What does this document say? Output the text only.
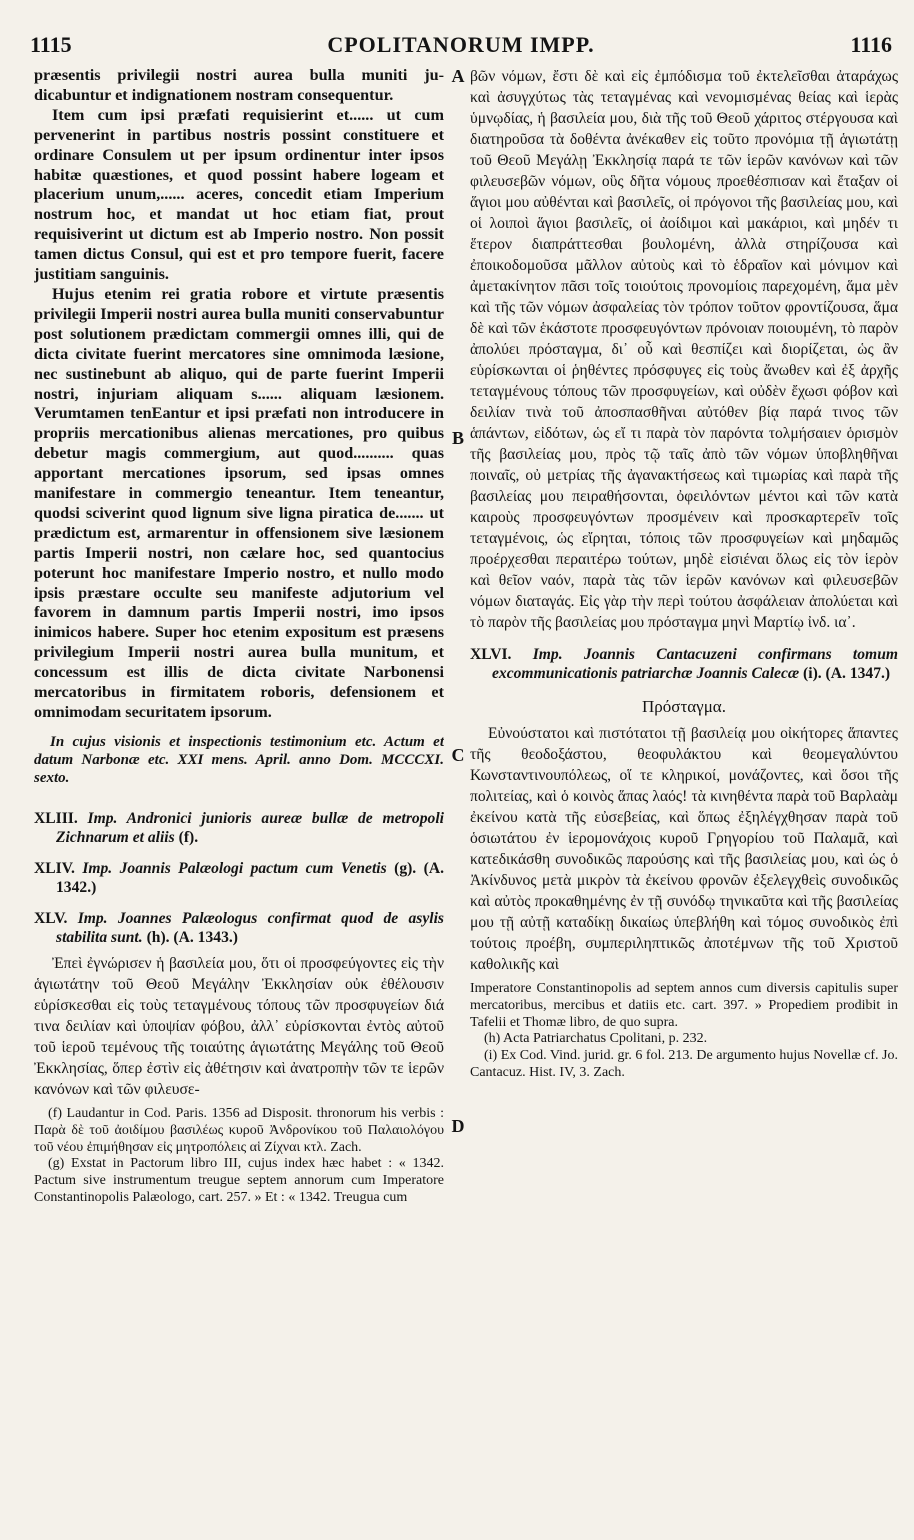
1115	CPOLITANORUM IMPP.	1116
A
B
C
D

præsentis privilegii nostri aurea bulla muniti ju-dicabuntur et indignationem nostram consequentur.

Item cum ipsi præfati requisierint et...... ut cum pervenerint in partibus nostris possint constituere et ordinare Consulem ut per ipsum ordinentur inter ipsos habitæ quæstiones, et quod possint habere logeam et placerium unum,...... aceres, concedit etiam Imperium nostrum hoc, et mandat ut hoc etiam fiat, prout requisiverint ut dictum est ab Imperio nostro. Non possit tamen dictus Consul, qui est et pro tempore fuerit, facere justitiam sanguinis.

Hujus etenim rei gratia robore et virtute præsentis privilegii Imperii nostri aurea bulla muniti conservabuntur post solutionem prædictam commergii omnes illi, qui de dicta civitate fuerint mercatores sine omnimoda læsione, nec sustinebunt ab aliquo, qui de parte fuerint Imperii nostri, injuriam aliquam s...... aliquam læsionem. Verumtamen tenEantur et ipsi præfati non introducere in propriis mercationibus alienas mercationes, pro quibus debetur magis commergium, aut quod.......... quas apportant mercationes ipsorum, sed ipsas omnes manifestare in commergio teneantur. Item teneantur, quodsi sciverint quod lignum sive ligna piratica de....... ut prædictum est, armarentur in offensionem sive læsionem partis Imperii nostri, non cælare hoc, sed quantocius poterunt hoc manifestare Imperio nostro, et nullo modo ipsis præstare occulte seu manifeste adjutorium vel favorem in damnum partis Imperii nostri, imo ipsos inimicos habere. Super hoc etenim expositum est præsens privilegium Imperii nostri aurea bulla munitum, et concessum est illis de dicta civitate Narbonensi mercatoribus in firmitatem roboris, defensionem et omnimodam securitatem ipsorum.

In cujus visionis et inspectionis testimonium etc. Actum et datum Narbonæ etc. XXI mens. April. anno Dom. MCCCXI. sexto.

XLIII. Imp. Andronici junioris aureæ bullæ de metropoli Zichnarum et aliis (f).

XLIV. Imp. Joannis Palæologi pactum cum Venetis (g). (A. 1342.)

XLV. Imp. Joannes Palæologus confirmat quod de asylis stabilita sunt. (h). (A. 1343.)

Ἐπεὶ ἐγνώρισεν ἡ βασιλεία μου, ὅτι οἱ προσφεύγοντες εἰς τὴν ἁγιωτάτην τοῦ Θεοῦ Μεγάλην Ἐκκλησίαν οὐκ ἐθέλουσιν εὑρίσκεσθαι εἰς τοὺς τεταγμένους τόπους τῶν προσφυγείων διά τινα δειλίαν καὶ ὑποψίαν φόβου, ἀλλ᾽ εὑρίσκονται ἐντὸς αὐτοῦ τοῦ ἱεροῦ τεμένους τῆς τοιαύτης ἁγιωτάτης Μεγάλης τοῦ Θεοῦ Ἐκκλησίας, ὅπερ ἐστὶν εἰς ἀθέτησιν καὶ ἀνατροπὴν τῶν τε ἱερῶν κανόνων καὶ τῶν φιλευσε-

(f) Laudantur in Cod. Paris. 1356 ad Disposit. thronorum his verbis : Παρὰ δὲ τοῦ ἀοιδίμου βασιλέως κυροῦ Ἀνδρονίκου τοῦ Παλαιολόγου τοῦ νέου ἐπιμήθησαν εἰς μητροπόλεις αἱ Ζίχναι κτλ. Zach.

(g) Exstat in Pactorum libro III, cujus index hæc habet : « 1342. Pactum sive instrumentum treugue septem annorum cum Imperatore Constantinopolis Palæologo, cart. 257. » Et : « 1342. Treugua cum

βῶν νόμων, ἔστι δὲ καὶ εἰς ἐμπόδισμα τοῦ ἐκτελεῖσθαι ἀταράχως καὶ ἀσυγχύτως τὰς τεταγμένας καὶ νενομισμένας θείας καὶ ἱερὰς ὑμνῳδίας, ἡ βασιλεία μου, διὰ τῆς τοῦ Θεοῦ χάριτος στέργουσα καὶ διατηροῦσα τὰ δοθέντα ἀνέκαθεν εἰς τοῦτο προνόμια τῇ ἁγιωτάτῃ τοῦ Θεοῦ Μεγάλῃ Ἐκκλησίᾳ παρά τε τῶν ἱερῶν κανόνων καὶ τῶν φιλευσεβῶν νόμων, οὓς δῆτα νόμους προεθέσπισαν καὶ ἔταξαν οἱ ἅγιοι μου αὐθένται καὶ βασιλεῖς, οἱ πρόγονοι τῆς βασιλείας μου, καὶ οἱ λοιποὶ ἅγιοι βασιλεῖς, οἱ ἀοίδιμοι καὶ μακάριοι, καὶ μηδέν τι ἕτερον διαπράττεσθαι βουλομένη, ἀλλὰ στηρίζουσα καὶ ἐποικοδομοῦσα μᾶλλον αὐτοὺς καὶ τὸ ἑδραῖον καὶ μόνιμον καὶ ἀμετακίνητον πᾶσι τοῖς τοιούτοις προνομίοις παρεχομένη, ἅμα μὲν καὶ τῆς τῶν νόμων ἀσφαλείας τὸν τρόπον τοῦτον φροντίζουσα, ἅμα δὲ καὶ τῶν ἑκάστοτε προσφευγόντων πρόνοιαν ποιουμένη, τὸ παρὸν ἀπολύει πρόσταγμα, δι᾽ οὗ καὶ θεσπίζει καὶ διορίζεται, ὡς ἂν εὑρίσκωνται οἱ ῥηθέντες πρόσφυγες εἰς τοὺς ἄνωθεν καὶ ἐξ ἀρχῆς τεταγμένους τόπους τῶν προσφυγείων, καὶ οὐδὲν ἔχωσι φόβον καὶ δειλίαν τινὰ τοῦ ἀποσπασθῆναι αὐτόθεν βίᾳ παρά τινος τῶν ἁπάντων, εἰδότων, ὡς εἴ τι παρὰ τὸν παρόντα τολμήσαιεν ὁρισμὸν τῆς βασιλείας μου, πρὸς τῷ ταῖς ἀπὸ τῶν νόμων ὑποβληθῆναι ποιναῖς, οὐ μετρίας τῆς ἀγανακτήσεως καὶ τιμωρίας καὶ παρὰ τῆς βασιλείας μου πειραθήσονται, ὀφειλόντων μέντοι καὶ τῶν κατὰ καιροὺς προσφευγόντων προσμένειν καὶ προσκαρτερεῖν τοῖς τεταγμένοις, ὡς εἴρηται, τόποις τῶν προσφυγείων καὶ μηδαμῶς προέρχεσθαι περαιτέρω τούτων, μηδὲ εἰσιέναι ὅλως εἰς τὸν ἱερὸν καὶ θεῖον ναόν, παρὰ τὰς τῶν ἱερῶν κανόνων καὶ φιλευσεβῶν νόμων διαταγάς. Εἰς γὰρ τὴν περὶ τούτου ἀσφάλειαν ἀπολύεται καὶ τὸ παρὸν τῆς βασιλείας μου πρόσταγμα μηνὶ Μαρτίῳ ἰνδ. ια᾽.

XLVI. Imp. Joannis Cantacuzeni confirmans tomum excommunicationis patriarchæ Joannis Calecæ (i). (A. 1347.)

Πρόσταγμα.

Εὐνούστατοι καὶ πιστότατοι τῇ βασιλείᾳ μου οἰκήτορες ἅπαντες τῆς θεοδοξάστου, θεοφυλάκτου καὶ θεομεγαλύντου Κωνσταντινουπόλεως, οἵ τε κληρικοί, μονάζοντες, καὶ ὅσοι τῆς πολιτείας, καὶ ὁ κοινὸς ἅπας λαός! τὰ κινηθέντα παρὰ τοῦ Βαρλαὰμ ἐκείνου κατὰ τῆς εὐσεβείας, καὶ ὅπως ἐξηλέγχθησαν παρὰ τοῦ ὁσιωτάτου ἐν ἱερομονάχοις κυροῦ Γρηγορίου τοῦ Παλαμᾶ, καὶ κατεδικάσθη συνοδικῶς παρούσης καὶ τῆς βασιλείας μου, καὶ ὡς ὁ Ἀκίνδυνος μετὰ μικρὸν τὰ ἐκείνου φρονῶν ἐξελεγχθεὶς συνοδικῶς καὶ αὐτὸς προκαθημένης ἐν τῇ συνόδῳ τηνικαῦτα καὶ τῆς βασιλείας μου τῇ αὐτῇ καταδίκῃ δικαίως ὑπεβλήθη καὶ τόμος συνοδικὸς ἐπὶ τούτοις προέβη, συμπεριληπτικῶς ἀποτέμνων τῆς τοῦ Χριστοῦ καθολικῆς καὶ

Imperatore Constantinopolis ad septem annos cum diversis capitulis super mercatoribus, mercibus et datiis etc. cart. 397. » Propediem prodibit in Tafelii et Thomæ libro, de quo supra.

(h) Acta Patriarchatus Cpolitani, p. 232.

(i) Ex Cod. Vind. jurid. gr. 6 fol. 213. De argumento hujus Novellæ cf. Jo. Cantacuz. Hist. IV, 3. Zach.
